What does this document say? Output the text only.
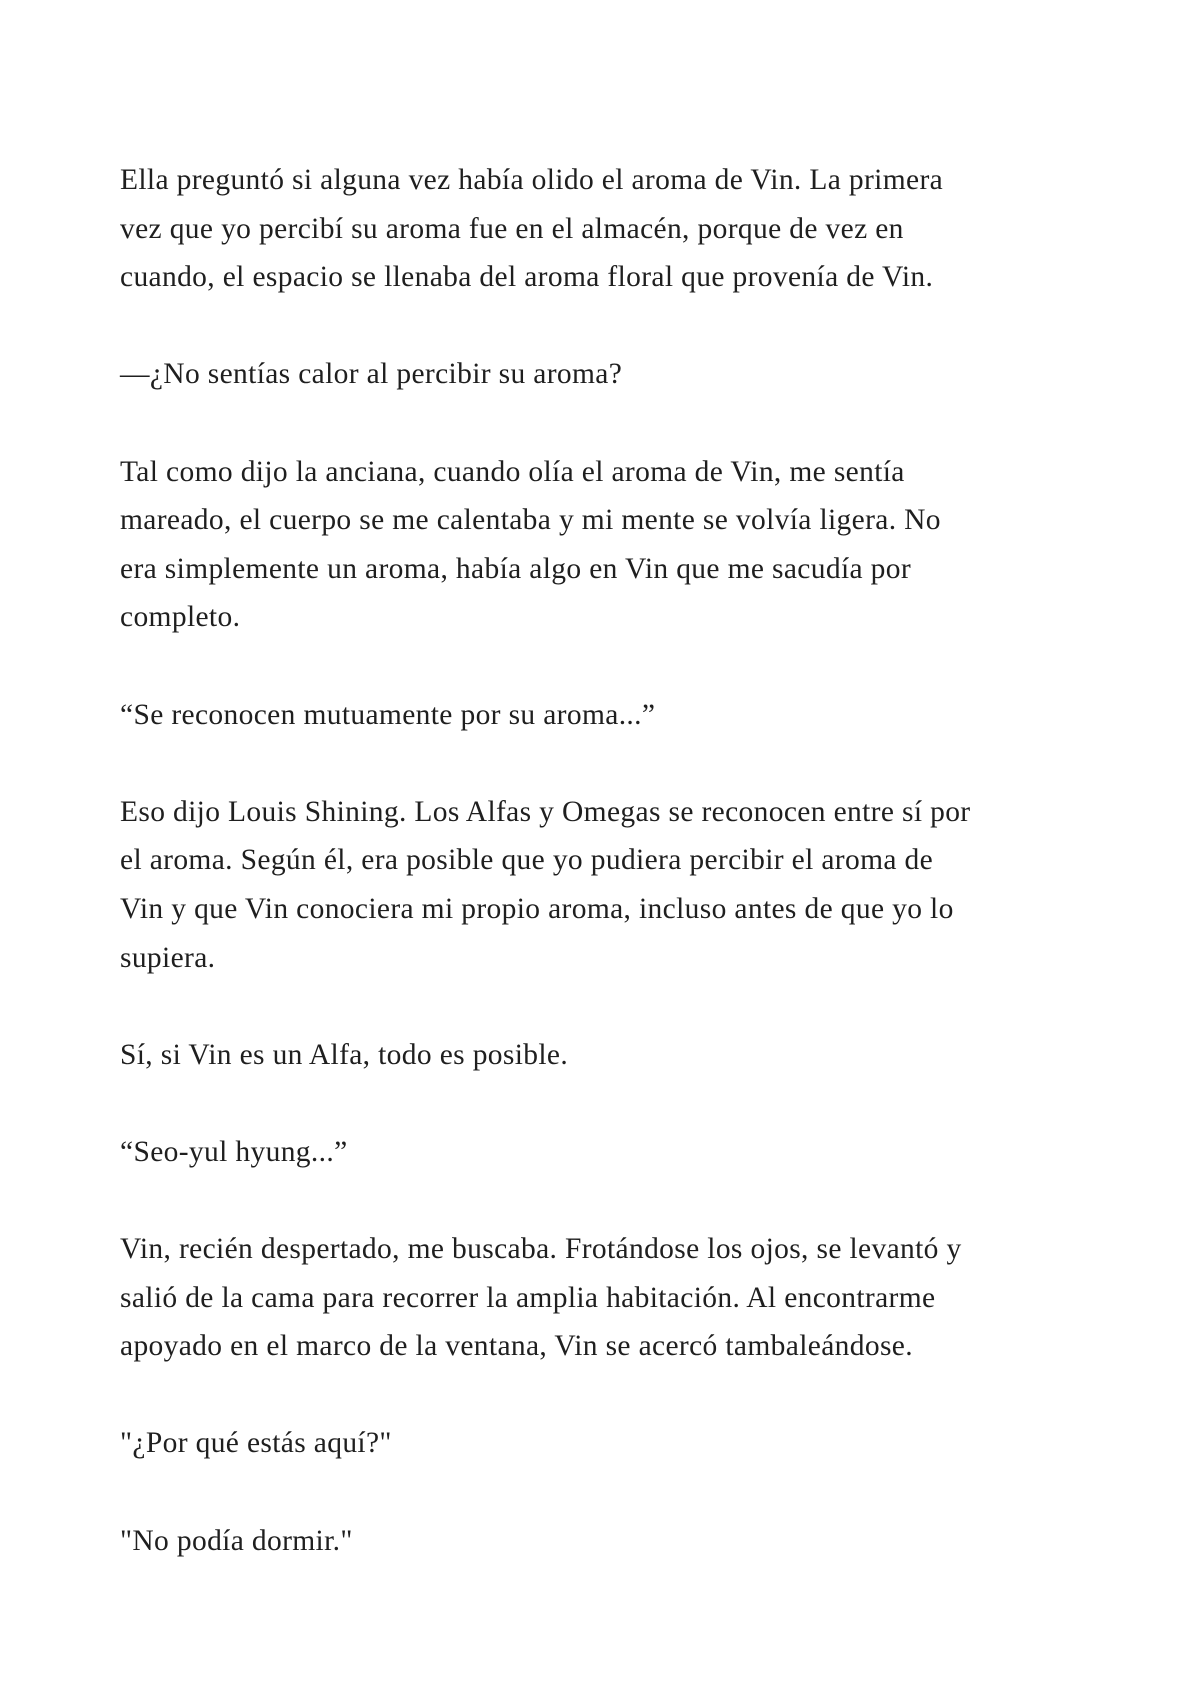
Ella preguntó si alguna vez había olido el aroma de Vin. La primera
vez que yo percibí su aroma fue en el almacén, porque de vez en
cuando, el espacio se llenaba del aroma floral que provenía de Vin.

—¿No sentías calor al percibir su aroma?

Tal como dijo la anciana, cuando olía el aroma de Vin, me sentía
mareado, el cuerpo se me calentaba y mi mente se volvía ligera. No
era simplemente un aroma, había algo en Vin que me sacudía por
completo.

“Se reconocen mutuamente por su aroma...”

Eso dijo Louis Shining. Los Alfas y Omegas se reconocen entre sí por
el aroma. Según él, era posible que yo pudiera percibir el aroma de
Vin y que Vin conociera mi propio aroma, incluso antes de que yo lo
supiera.

Sí, si Vin es un Alfa, todo es posible.

“Seo-yul hyung...”

Vin, recién despertado, me buscaba. Frotándose los ojos, se levantó y
salió de la cama para recorrer la amplia habitación. Al encontrarme
apoyado en el marco de la ventana, Vin se acercó tambaleándose.

"¿Por qué estás aquí?"

"No podía dormir."
